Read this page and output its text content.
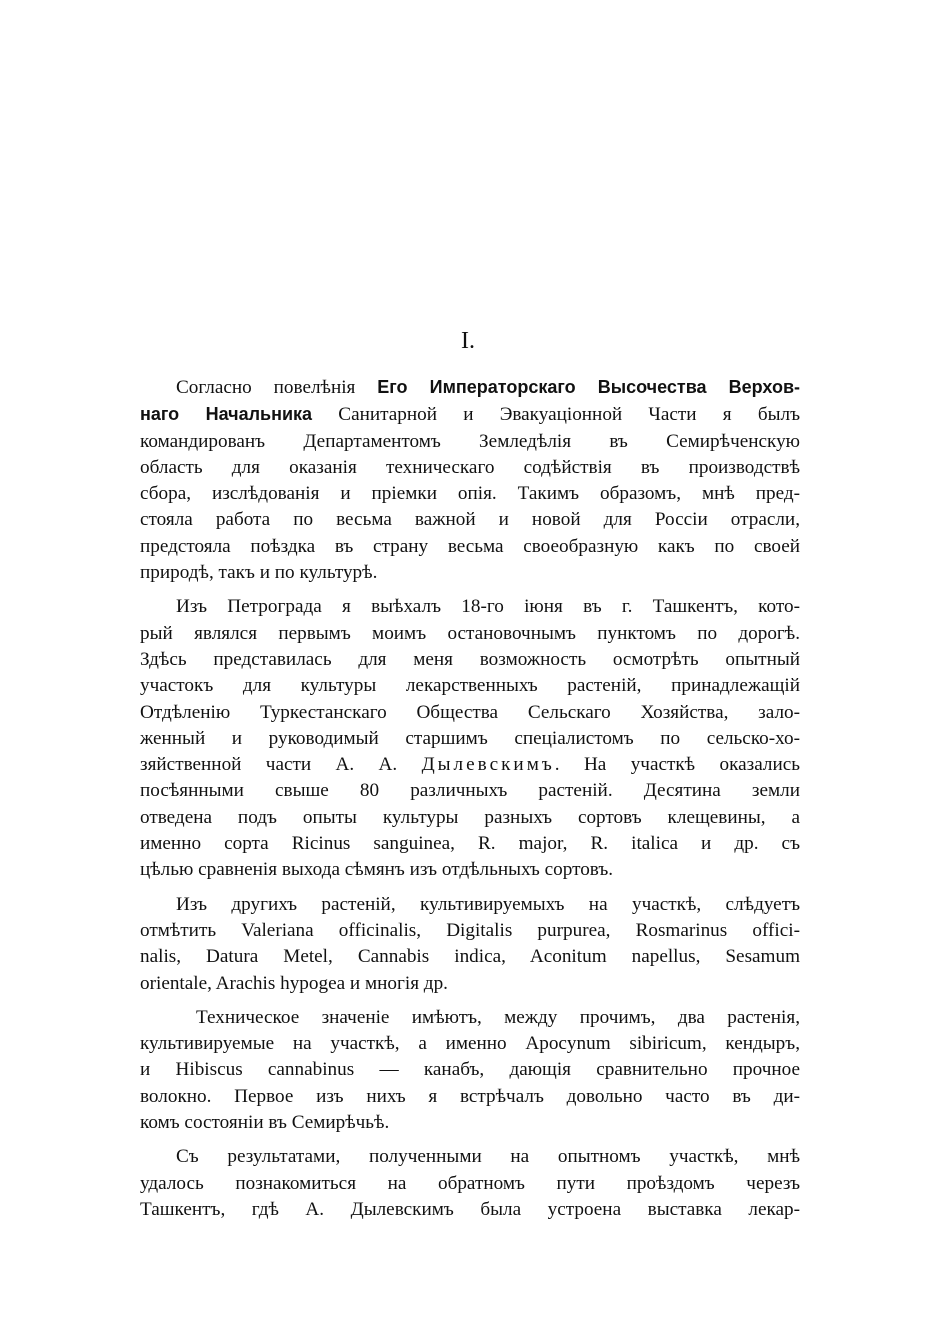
I.

Согласно повелѣнія Его Императорскаго Высочества Верхов-
наго Начальника Санитарной и Эвакуаціонной Части я былъ
командированъ Департаментомъ Земледѣлія въ Семирѣченскую
область для оказанія техническаго содѣйствія въ производствѣ
сбора, изслѣдованія и пріемки опія. Такимъ образомъ, мнѣ пред-
стояла работа по весьма важной и новой для Россіи отрасли,
предстояла поѣздка въ страну весьма своеобразную какъ по своей
природѣ, такъ и по культурѣ.

Изъ Петрограда я выѣхалъ 18-го іюня въ г. Ташкентъ, кото-
рый являлся первымъ моимъ остановочнымъ пунктомъ по дорогѣ.
Здѣсь представилась для меня возможность осмотрѣть опытный
участокъ для культуры лекарственныхъ растеній, принадлежащій
Отдѣленію Туркестанскаго Общества Сельскаго Хозяйства, зало-
женный и руководимый старшимъ спеціалистомъ по сельско-хо-
зяйственной части А. А. Дылевскимъ. На участкѣ оказались
посѣянными свыше 80 различныхъ растеній. Десятина земли
отведена подъ опыты культуры разныхъ сортовъ клещевины, а
именно сорта Ricinus sanguinea, R. major, R. italica и др. съ
цѣлью сравненія выхода сѣмянъ изъ отдѣльныхъ сортовъ.

Изъ другихъ растеній, культивируемыхъ на участкѣ, слѣдуетъ
отмѣтить Valeriana officinalis, Digitalis purpurea, Rosmarinus offici-
nalis, Datura Metel, Cannabis indica, Aconitum napellus, Sesamum
orientale, Arachis hypogea и многія др.

Техническое значеніе имѣютъ, между прочимъ, два растенія,
культивируемые на участкѣ, а именно Apocynum sibiricum, кендыръ,
и Hibiscus cannabinus — канабъ, дающія сравнительно прочное
волокно. Первое изъ нихъ я встрѣчалъ довольно часто въ ди-
комъ состояніи въ Семирѣчьѣ.

Съ результатами, полученными на опытномъ участкѣ, мнѣ
удалось познакомиться на обратномъ пути проѣздомъ черезъ
Ташкентъ, гдѣ А. Дылевскимъ была устроена выставка лекар-
